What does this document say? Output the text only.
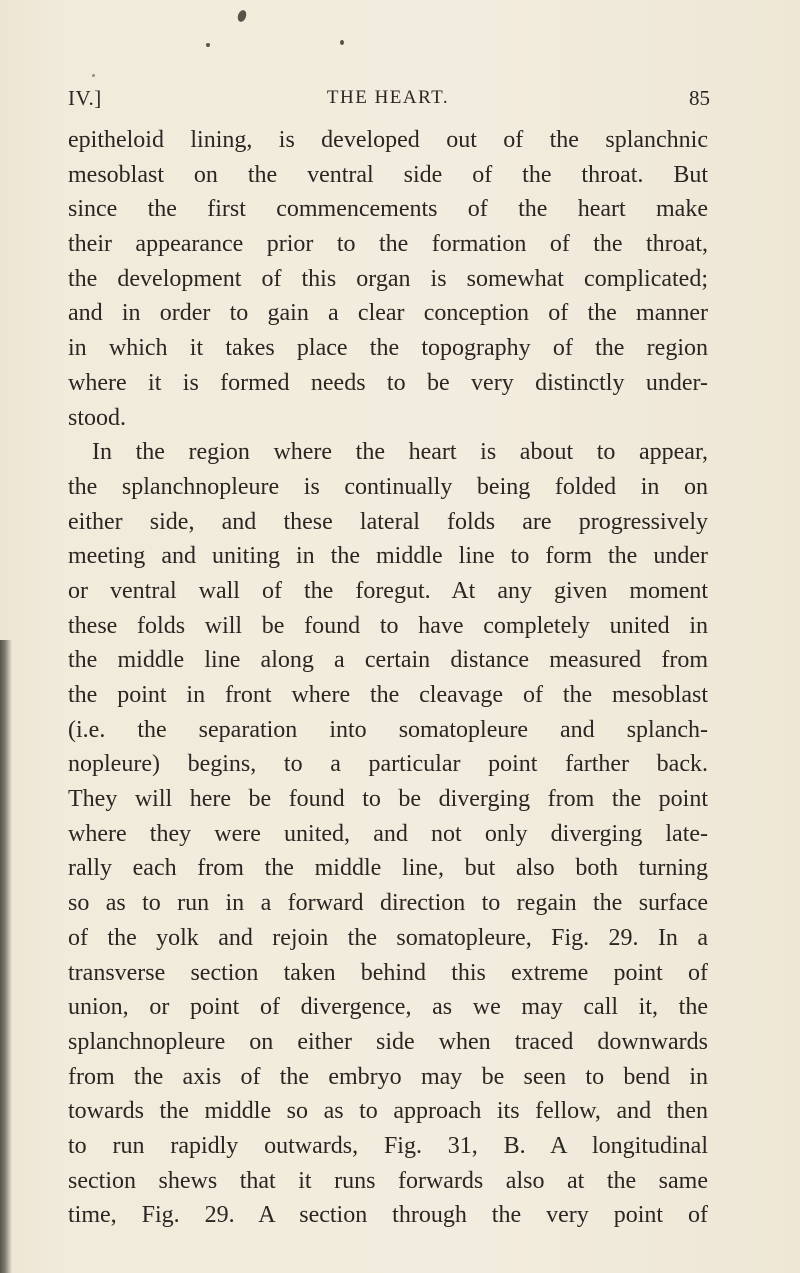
IV.]	THE HEART.	85
epitheloid lining, is developed out of the splanchnic
mesoblast on the ventral side of the throat. But
since the first commencements of the heart make
their appearance prior to the formation of the throat,
the development of this organ is somewhat complicated;
and in order to gain a clear conception of the manner
in which it takes place the topography of the region
where it is formed needs to be very distinctly under-
stood.
In the region where the heart is about to appear,
the splanchnopleure is continually being folded in on
either side, and these lateral folds are progressively
meeting and uniting in the middle line to form the under
or ventral wall of the foregut. At any given moment
these folds will be found to have completely united in
the middle line along a certain distance measured from
the point in front where the cleavage of the mesoblast
(i.e. the separation into somatopleure and splanch-
nopleure) begins, to a particular point farther back.
They will here be found to be diverging from the point
where they were united, and not only diverging late-
rally each from the middle line, but also both turning
so as to run in a forward direction to regain the surface
of the yolk and rejoin the somatopleure, Fig. 29. In a
transverse section taken behind this extreme point of
union, or point of divergence, as we may call it, the
splanchnopleure on either side when traced downwards
from the axis of the embryo may be seen to bend in
towards the middle so as to approach its fellow, and then
to run rapidly outwards, Fig. 31, B. A longitudinal
section shews that it runs forwards also at the same
time, Fig. 29. A section through the very point of
